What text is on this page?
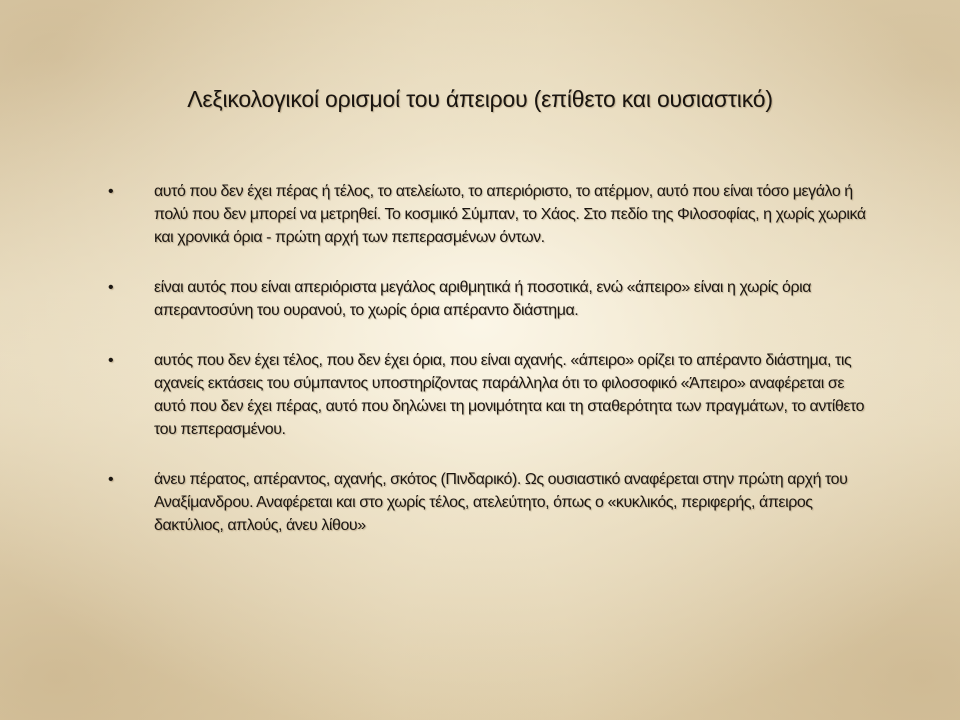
Λεξικολογικοί ορισμοί του άπειρου (επίθετο και ουσιαστικό)
•	αυτό που δεν έχει πέρας ή τέλος, το ατελείωτο, το απεριόριστο, το ατέρμον, αυτό που είναι τόσο μεγάλο ή πολύ που δεν μπορεί να μετρηθεί. Το κοσμικό Σύμπαν, το Χάος. Στο πεδίο της Φιλοσοφίας, η χωρίς χωρικά και χρονικά όρια - πρώτη αρχή των πεπερασμένων όντων.
•	είναι αυτός που είναι απεριόριστα μεγάλος αριθμητικά ή ποσοτικά, ενώ «άπειρο» είναι η χωρίς όρια απεραντοσύνη του ουρανού, το χωρίς όρια απέραντο διάστημα.
•	αυτός που δεν έχει τέλος, που δεν έχει όρια, που είναι αχανής. «άπειρο» ορίζει το απέραντο διάστημα, τις αχανείς εκτάσεις του σύμπαντος υποστηρίζοντας παράλληλα ότι το φιλοσοφικό «Άπειρο» αναφέρεται σε αυτό που δεν έχει πέρας, αυτό που δηλώνει τη μονιμότητα και τη σταθερότητα των πραγμάτων, το αντίθετο του πεπερασμένου.
•	άνευ πέρατος, απέραντος, αχανής, σκότος (Πινδαρικό). Ως ουσιαστικό αναφέρεται στην πρώτη αρχή του Αναξίμανδρου. Αναφέρεται και στο χωρίς τέλος, ατελεύτητο, όπως ο «κυκλικός, περιφερής, άπειρος δακτύλιος, απλούς, άνευ λίθου»
